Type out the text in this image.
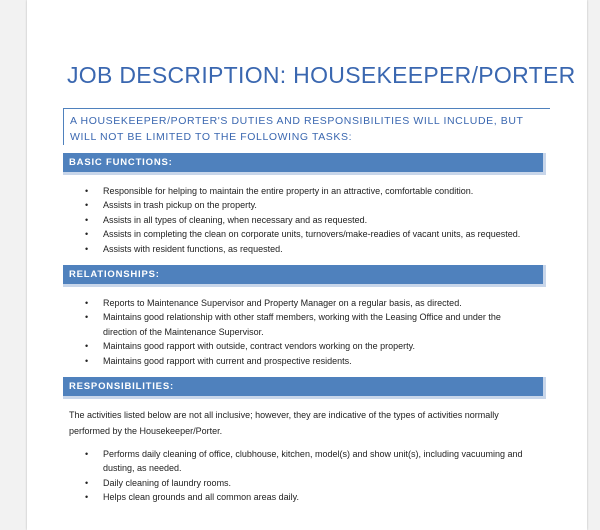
JOB DESCRIPTION: HOUSEKEEPER/PORTER
A HOUSEKEEPER/PORTER'S DUTIES AND RESPONSIBILITIES WILL INCLUDE, BUT WILL NOT BE LIMITED TO THE FOLLOWING TASKS:
BASIC FUNCTIONS:
• Responsible for helping to maintain the entire property in an attractive, comfortable condition.
• Assists in trash pickup on the property.
• Assists in all types of cleaning, when necessary and as requested.
• Assists in completing the clean on corporate units, turnovers/make-readies of vacant units, as requested.
• Assists with resident functions, as requested.
RELATIONSHIPS:
• Reports to Maintenance Supervisor and Property Manager on a regular basis, as directed.
• Maintains good relationship with other staff members, working with the Leasing Office and under the direction of the Maintenance Supervisor.
• Maintains good rapport with outside, contract vendors working on the property.
• Maintains good rapport with current and prospective residents.
RESPONSIBILITIES:
The activities listed below are not all inclusive; however, they are indicative of the types of activities normally performed by the Housekeeper/Porter.
• Performs daily cleaning of office, clubhouse, kitchen, model(s) and show unit(s), including vacuuming and dusting, as needed.
• Daily cleaning of laundry rooms.
• Helps clean grounds and all common areas daily.
